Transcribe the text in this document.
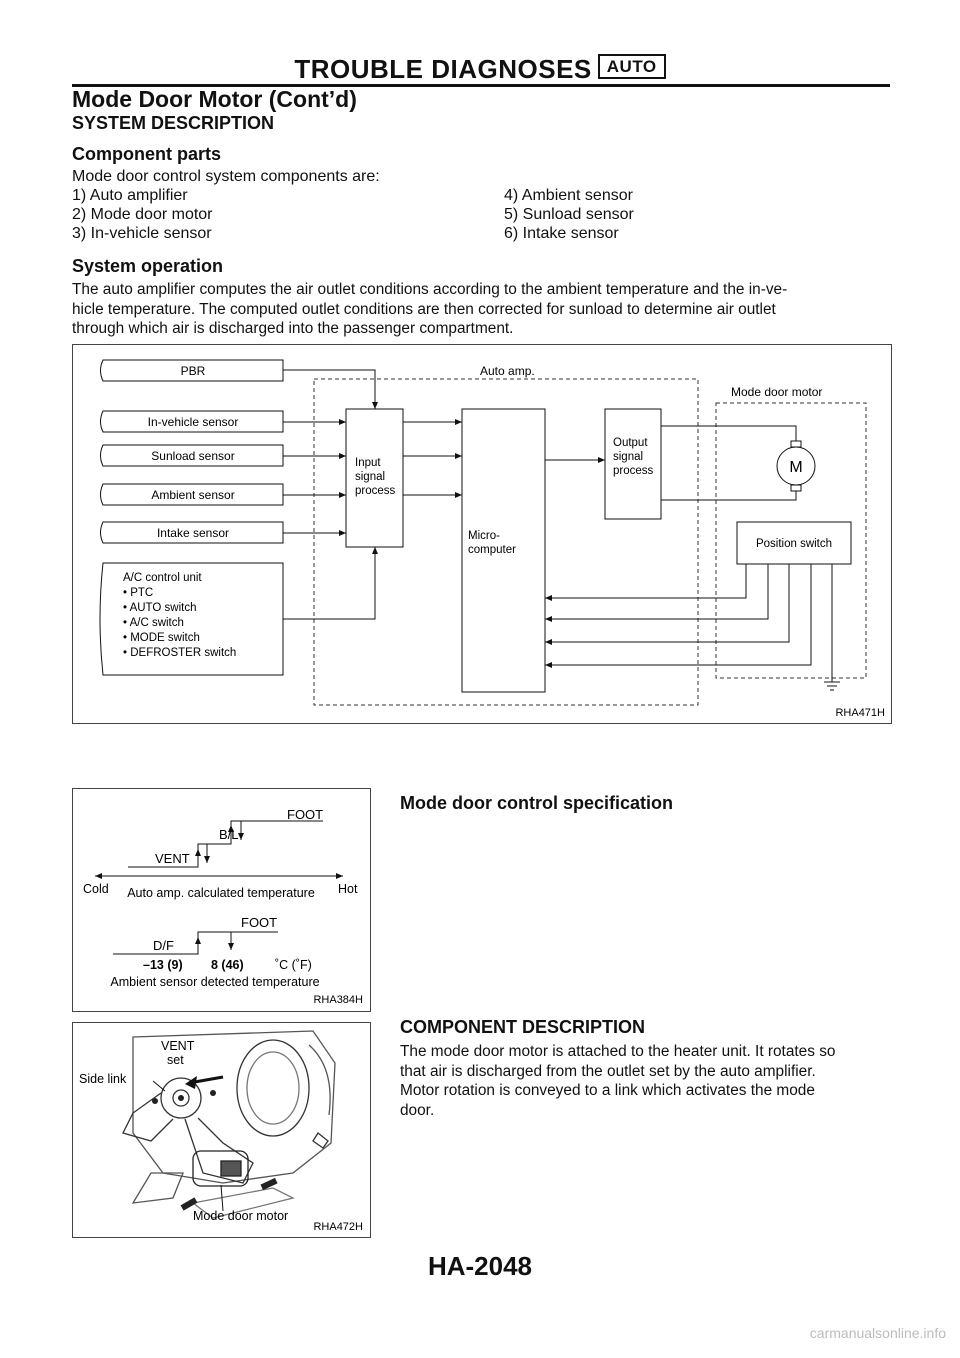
TROUBLE DIAGNOSES AUTO
Mode Door Motor (Cont’d)
SYSTEM DESCRIPTION
Component parts
Mode door control system components are:
1) Auto amplifier
2) Mode door motor
3) In-vehicle sensor
4) Ambient sensor
5) Sunload sensor
6) Intake sensor
System operation
The auto amplifier computes the air outlet conditions according to the ambient temperature and the in-ve-
hicle temperature. The computed outlet conditions are then corrected for sunload to determine air outlet
through which air is discharged into the passenger compartment.
Auto amp.
Mode door motor
PBR
In-vehicle sensor
Sunload sensor
Ambient sensor
Intake sensor
A/C control unit
• PTC
• AUTO switch
• A/C switch
• MODE switch
• DEFROSTER switch
Input
signal
process
Micro-
computer
Output
signal
process
Position switch
M
RHA471H
FOOT
B/L
VENT
Cold	Hot
Auto amp. calculated temperature
FOOT
D/F
–13 (9) 8 (46)	˚C (˚F)
Ambient sensor detected temperature
RHA384H
Mode door control specification
COMPONENT DESCRIPTION
The mode door motor is attached to the heater unit. It rotates so
that air is discharged from the outlet set by the auto amplifier.
Motor rotation is conveyed to a link which activates the mode
door.
VENT
set
Side link
Mode door motor
RHA472H
HA-2048
carmanualsonline.info
